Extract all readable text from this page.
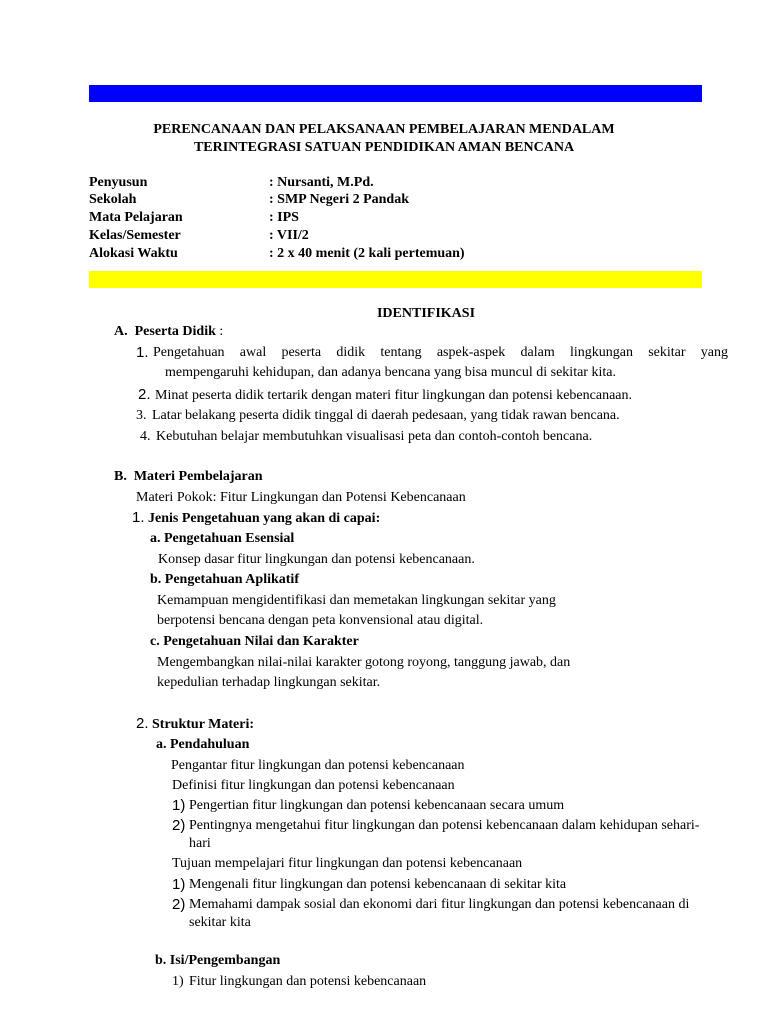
PERENCANAAN DAN PELAKSANAAN PEMBELAJARAN MENDALAM
TERINTEGRASI SATUAN PENDIDIKAN AMAN BENCANA
Penyusun	: Nursanti, M.Pd.
Sekolah	: SMP Negeri 2 Pandak
Mata Pelajaran	: IPS
Kelas/Semester	: VII/2
Alokasi Waktu	: 2 x 40 menit (2 kali pertemuan)
IDENTIFIKASI
A. Peserta Didik :
1. Pengetahuan awal peserta didik tentang aspek-aspek dalam lingkungan sekitar yang
mempengaruhi kehidupan, dan adanya bencana yang bisa muncul di sekitar kita.
2. Minat peserta didik tertarik dengan materi fitur lingkungan dan potensi kebencanaan.
3. Latar belakang peserta didik tinggal di daerah pedesaan, yang tidak rawan bencana.
4. Kebutuhan belajar membutuhkan visualisasi peta dan contoh-contoh bencana.
B. Materi Pembelajaran
Materi Pokok: Fitur Lingkungan dan Potensi Kebencanaan
1. Jenis Pengetahuan yang akan di capai:
a. Pengetahuan Esensial
Konsep dasar fitur lingkungan dan potensi kebencanaan.
b. Pengetahuan Aplikatif
Kemampuan mengidentifikasi dan memetakan lingkungan sekitar yang
berpotensi bencana dengan peta konvensional atau digital.
c. Pengetahuan Nilai dan Karakter
Mengembangkan nilai-nilai karakter gotong royong, tanggung jawab, dan
kepedulian terhadap lingkungan sekitar.
2. Struktur Materi:
a. Pendahuluan
Pengantar fitur lingkungan dan potensi kebencanaan
Definisi fitur lingkungan dan potensi kebencanaan
1) Pengertian fitur lingkungan dan potensi kebencanaan secara umum
2) Pentingnya mengetahui fitur lingkungan dan potensi kebencanaan dalam kehidupan sehari-
hari
Tujuan mempelajari fitur lingkungan dan potensi kebencanaan
1) Mengenali fitur lingkungan dan potensi kebencanaan di sekitar kita
2) Memahami dampak sosial dan ekonomi dari fitur lingkungan dan potensi kebencanaan di
sekitar kita
b. Isi/Pengembangan
1) Fitur lingkungan dan potensi kebencanaan
